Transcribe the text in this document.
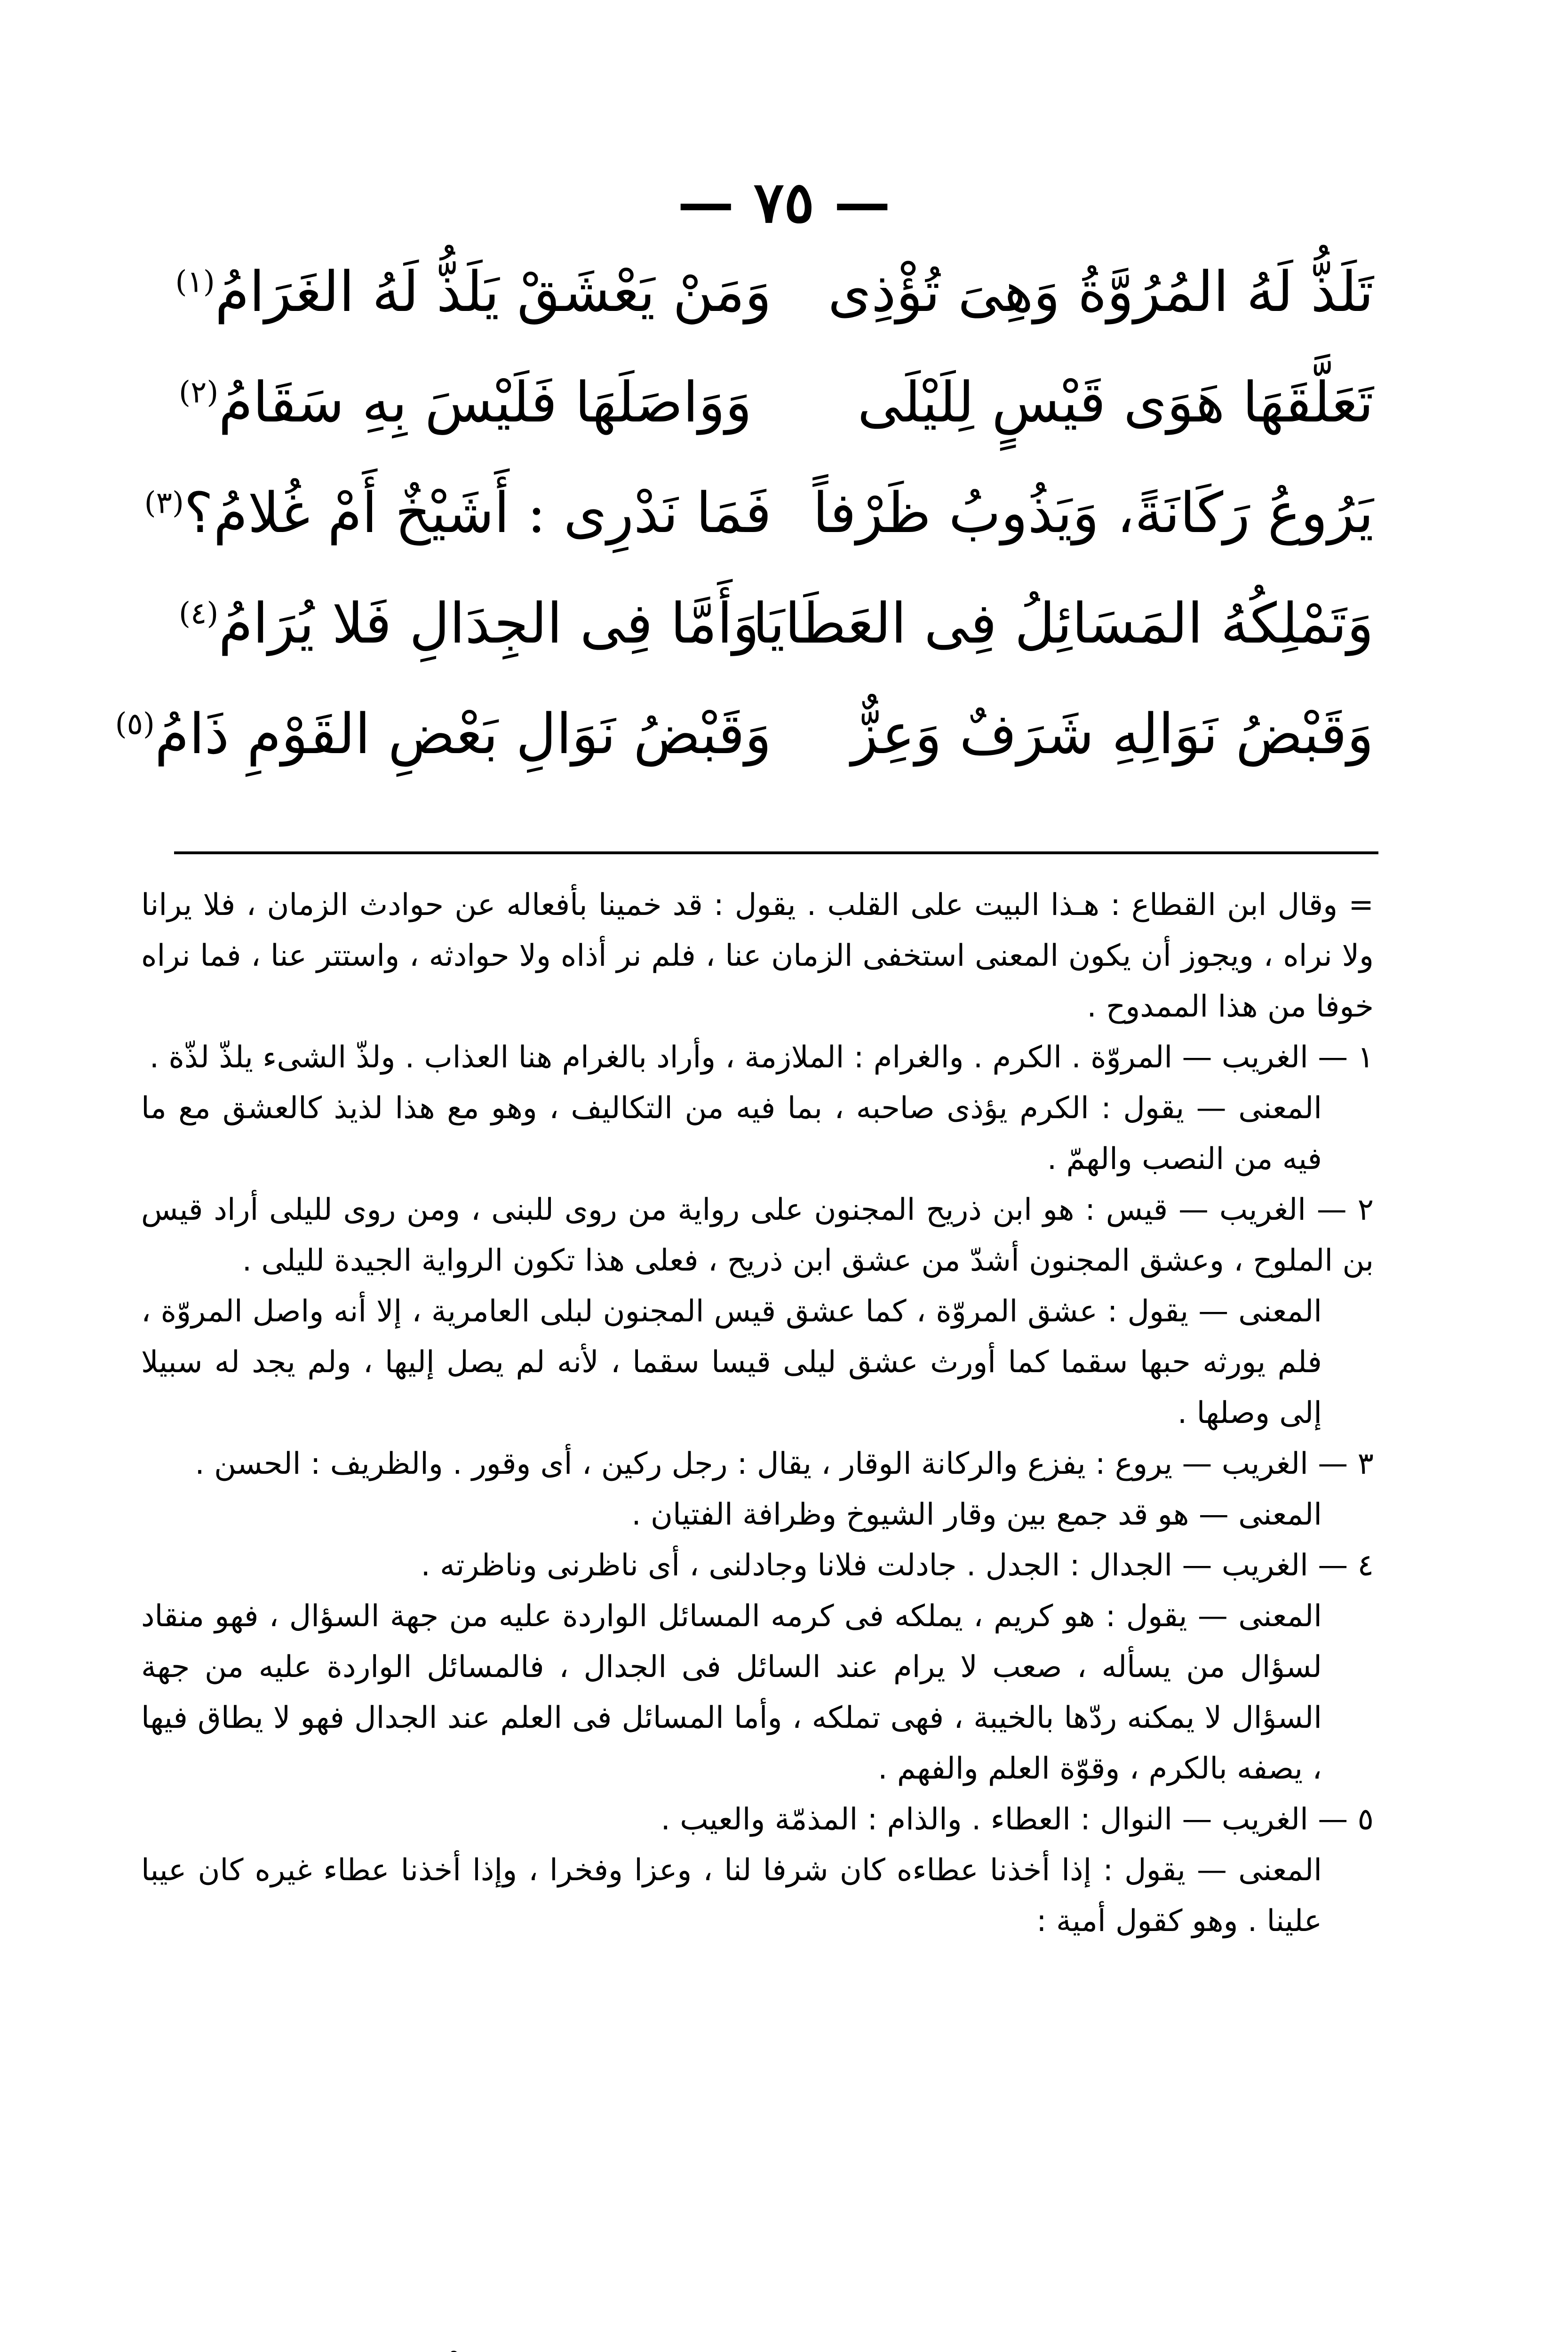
— ٧٥ —
تَلَذُّ لَهُ المُرُوَّةُ وَهِىَ تُؤْذِى
وَمَنْ يَعْشَقْ يَلَذُّ لَهُ الغَرَامُ$^{(١)}$
تَعَلَّقَهَا هَوَى قَيْسٍ لِلَيْلَى
وَوَاصَلَهَا فَلَيْسَ بِهِ سَقَامُ$^{(٢)}$
يَرُوعُ رَكَانَةً، وَيَذُوبُ ظَرْفاً
فَمَا نَدْرِى : أَشَيْخٌ أَمْ غُلامُ؟$^{(٣)}$
وَتَمْلِكُهُ المَسَائِلُ فِى العَطَايَا
وَأَمَّا فِى الجِدَالِ فَلا يُرَامُ$^{(٤)}$
وَقَبْضُ نَوَالِهِ شَرَفٌ وَعِزٌّ
وَقَبْضُ نَوَالِ بَعْضِ القَوْمِ ذَامُ$^{(٥)}$

= وقال ابن القطاع : هـذا البيت على القلب . يقول : قد خمينا بأفعاله عن حوادث الزمان ، فلا يرانا ولا نراه ، ويجوز أن يكون المعنى استخفى الزمان عنا ، فلم نر أذاه ولا حوادثه ، واستتر عنا ، فما نراه خوفا من هذا الممدوح .

١ — الغريب — المروّة . الكرم . والغرام : الملازمة ، وأراد بالغرام هنا العذاب . ولذّ الشىء يلذّ لذّة .

المعنى — يقول : الكرم يؤذى صاحبه ، بما فيه من التكاليف ، وهو مع هذا لذيذ كالعشق مع ما فيه من النصب والهمّ .

٢ — الغريب — قيس : هو ابن ذريح المجنون على رواية من روى للبنى ، ومن روى لليلى أراد قيس بن الملوح ، وعشق المجنون أشدّ من عشق ابن ذريح ، فعلى هذا تكون الرواية الجيدة لليلى .

المعنى — يقول : عشق المروّة ، كما عشق قيس المجنون لبلى العامرية ، إلا أنه واصل المروّة ، فلم يورثه حبها سقما كما أورث عشق ليلى قيسا سقما ، لأنه لم يصل إليها ، ولم يجد له سبيلا إلى وصلها .

٣ — الغريب — يروع : يفزع والركانة الوقار ، يقال : رجل ركين ، أى وقور . والظريف : الحسن .

المعنى — هو قد جمع بين وقار الشيوخ وظرافة الفتيان .

٤ — الغريب — الجدال : الجدل . جادلت فلانا وجادلنى ، أى ناظرنى وناظرته .

المعنى — يقول : هو كريم ، يملكه فى كرمه المسائل الواردة عليه من جهة السؤال ، فهو منقاد لسؤال من يسأله ، صعب لا يرام عند السائل فى الجدال ، فالمسائل الواردة عليه من جهة السؤال لا يمكنه ردّها بالخيبة ، فهى تملكه ، وأما المسائل فى العلم عند الجدال فهو لا يطاق فيها ، يصفه بالكرم ، وقوّة العلم والفهم .

٥ — الغريب — النوال : العطاء . والذام : المذمّة والعيب .

المعنى — يقول : إذا أخذنا عطاءه كان شرفا لنا ، وعزا وفخرا ، وإذا أخذنا عطاء غيره كان عيبا علينا . وهو كقول أمية :
